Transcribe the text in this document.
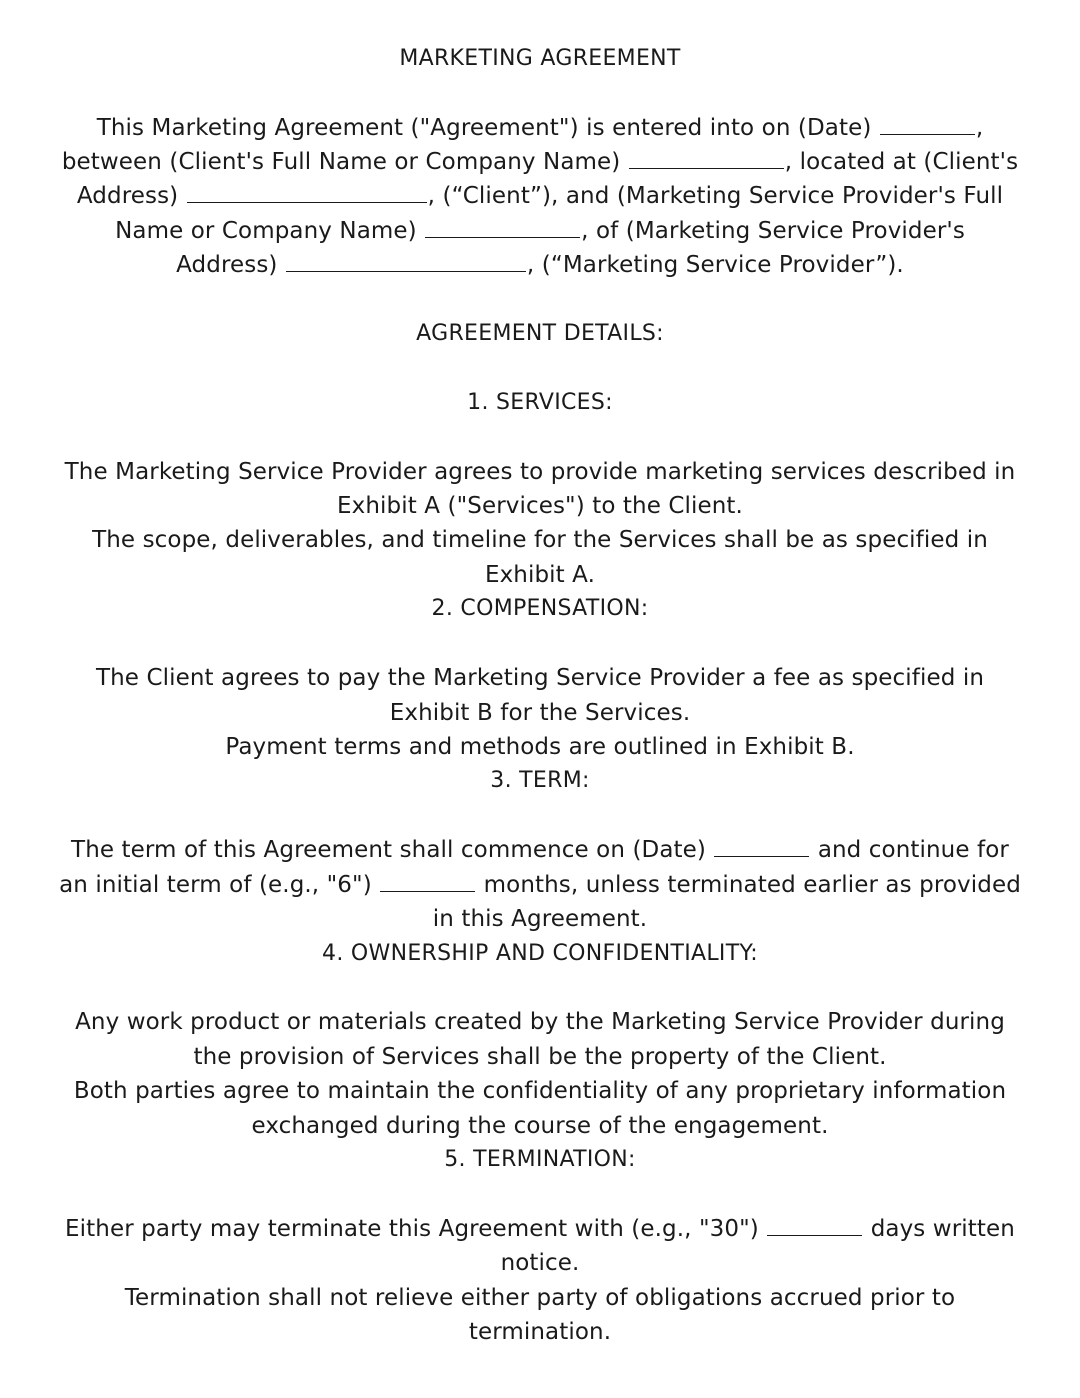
MARKETING AGREEMENT
This Marketing Agreement ("Agreement") is entered into on (Date)	,
between (Client's Full Name or Company Name)	, located at (Client's
Address)	, (“Client”), and (Marketing Service Provider's Full
Name or Company Name)	, of (Marketing Service Provider's
Address)	, (“Marketing Service Provider”).
AGREEMENT DETAILS:
1. SERVICES:
The Marketing Service Provider agrees to provide marketing services described in
Exhibit A ("Services") to the Client.
The scope, deliverables, and timeline for the Services shall be as specified in
Exhibit A.
2. COMPENSATION:
The Client agrees to pay the Marketing Service Provider a fee as specified in
Exhibit B for the Services.
Payment terms and methods are outlined in Exhibit B.
3. TERM:
The term of this Agreement shall commence on (Date)	and continue for
an initial term of (e.g., "6")	months, unless terminated earlier as provided
in this Agreement.
4. OWNERSHIP AND CONFIDENTIALITY:
Any work product or materials created by the Marketing Service Provider during
the provision of Services shall be the property of the Client.
Both parties agree to maintain the confidentiality of any proprietary information
exchanged during the course of the engagement.
5. TERMINATION:
Either party may terminate this Agreement with (e.g., "30")	days written
notice.
Termination shall not relieve either party of obligations accrued prior to
termination.
